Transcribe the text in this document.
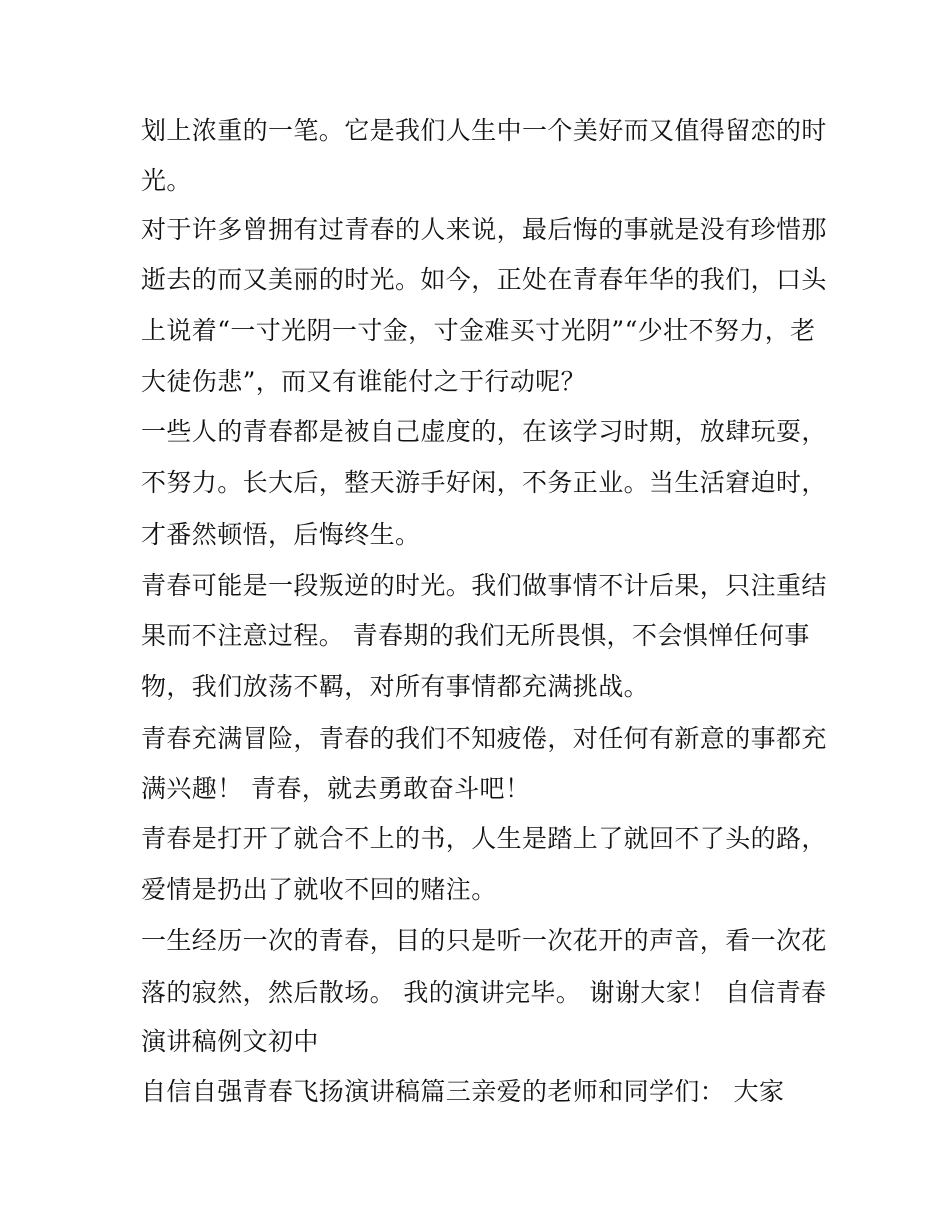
划上浓重的一笔。它是我们人生中一个美好而又值得留恋的时
光。
对于许多曾拥有过青春的人来说，最后悔的事就是没有珍惜那
逝去的而又美丽的时光。如今，正处在青春年华的我们，口头
上说着“一寸光阴一寸金，寸金难买寸光阴”“少壮不努力，老
大徒伤悲”，而又有谁能付之于行动呢？
一些人的青春都是被自己虚度的，在该学习时期，放肆玩耍，
不努力。长大后，整天游手好闲，不务正业。当生活窘迫时，
才番然顿悟，后悔终生。
青春可能是一段叛逆的时光。我们做事情不计后果，只注重结
果而不注意过程。 青春期的我们无所畏惧，不会惧惮任何事
物，我们放荡不羁，对所有事情都充满挑战。
青春充满冒险，青春的我们不知疲倦，对任何有新意的事都充
满兴趣！ 青春，就去勇敢奋斗吧！
青春是打开了就合不上的书，人生是踏上了就回不了头的路，
爱情是扔出了就收不回的赌注。
一生经历一次的青春，目的只是听一次花开的声音，看一次花
落的寂然，然后散场。 我的演讲完毕。 谢谢大家！ 自信青春
演讲稿例文初中
自信自强青春飞扬演讲稿篇三亲爱的老师和同学们： 大家
